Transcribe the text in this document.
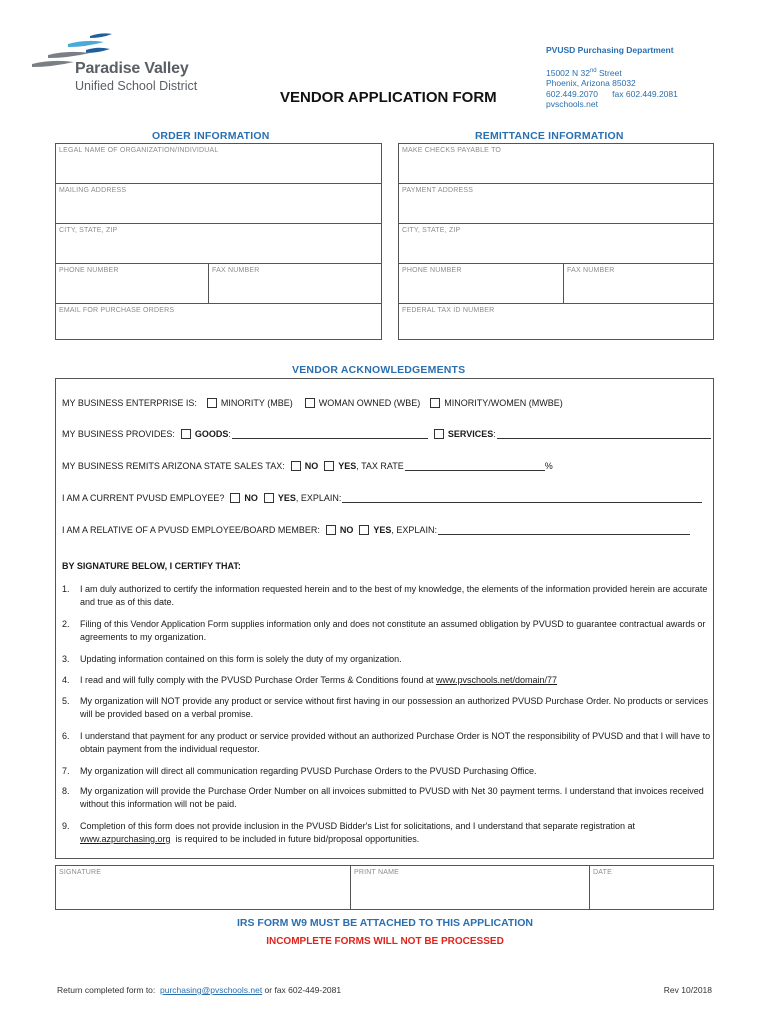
Paradise Valley
Unified School District
PVUSD Purchasing Department
15002 N 32nd Street
Phoenix, Arizona 85032
602.449.2070      fax 602.449.2081
pvschools.net
VENDOR APPLICATION FORM
ORDER INFORMATION	REMITTANCE INFORMATION
LEGAL NAME OF ORGANIZATION/INDIVIDUAL
MAILING ADDRESS
CITY, STATE, ZIP
PHONE NUMBER	FAX NUMBER
EMAIL FOR PURCHASE ORDERS
MAKE CHECKS PAYABLE TO
PAYMENT ADDRESS
CITY, STATE, ZIP
PHONE NUMBER	FAX NUMBER
FEDERAL TAX ID NUMBER
VENDOR ACKNOWLEDGEMENTS
MY BUSINESS ENTERPRISE IS:	MINORITY (MBE)	WOMAN OWNED (WBE)	MINORITY/WOMEN (MWBE)
MY BUSINESS PROVIDES: GOODS :	SERVICES :
MY BUSINESS REMITS ARIZONA STATE SALES TAX: NO YES , TAX RATE	%
I AM A CURRENT PVUSD EMPLOYEE? NO YES , EXPLAIN:
I AM A RELATIVE OF A PVUSD EMPLOYEE/BOARD MEMBER: NO YES , EXPLAIN:
BY SIGNATURE BELOW, I CERTIFY THAT:
1.	I am duly authorized to certify the information requested herein and to the best of my knowledge, the elements of the information provided herein are accurate and true as of this date.
2.	Filing of this Vendor Application Form supplies information only and does not constitute an assumed obligation by PVUSD to guarantee contractual awards or agreements to my organization.
3.	Updating information contained on this form is solely the duty of my organization.
4.	I read and will fully comply with the PVUSD Purchase Order Terms & Conditions found at www.pvschools.net/domain/77
5.	My organization will NOT provide any product or service without first having in our possession an authorized PVUSD Purchase Order. No products or services will be provided based on a verbal promise.
6.	I understand that payment for any product or service provided without an authorized Purchase Order is NOT the responsibility of PVUSD and that I will have to obtain payment from the individual requestor.
7.	My organization will direct all communication regarding PVUSD Purchase Orders to the PVUSD Purchasing Office.
8.	My organization will provide the Purchase Order Number on all invoices submitted to PVUSD with Net 30 payment terms. I understand that invoices received without this information will not be paid.
9.	Completion of this form does not provide inclusion in the PVUSD Bidder's List for solicitations, and I understand that separate registration at www.azpurchasing.org  is required to be included in future bid/proposal opportunities.
SIGNATURE	PRINT NAME	DATE
IRS FORM W9 MUST BE ATTACHED TO THIS APPLICATION
INCOMPLETE FORMS WILL NOT BE PROCESSED
Return completed form to:  purchasing@pvschools.net or fax 602-449-2081	Rev 10/2018
